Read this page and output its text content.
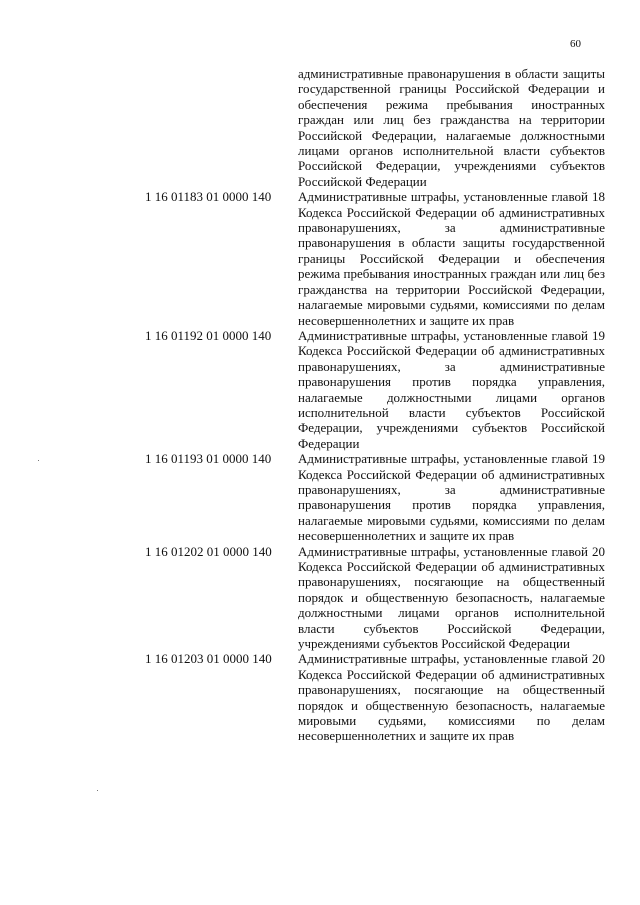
60
административные правонарушения в области защиты государственной границы Российской Федерации и обеспечения режима пребывания иностранных граждан или лиц без гражданства на территории Российской Федерации, налагаемые должностными лицами органов исполнительной власти субъектов Российской Федерации, учреждениями субъектов Российской Федерации
1 16 01183 01 0000 140	Административные штрафы, установленные главой 18 Кодекса Российской Федерации об административных правонарушениях, за административные правонарушения в области защиты государственной границы Российской Федерации и обеспечения режима пребывания иностранных граждан или лиц без гражданства на территории Российской Федерации, налагаемые мировыми судьями, комиссиями по делам несовершеннолетних и защите их прав
1 16 01192 01 0000 140	Административные штрафы, установленные главой 19 Кодекса Российской Федерации об административных правонарушениях, за административные правонарушения против порядка управления, налагаемые должностными лицами органов исполнительной власти субъектов Российской Федерации, учреждениями субъектов Российской Федерации
1 16 01193 01 0000 140	Административные штрафы, установленные главой 19 Кодекса Российской Федерации об административных правонарушениях, за административные правонарушения против порядка управления, налагаемые мировыми судьями, комиссиями по делам несовершеннолетних и защите их прав
1 16 01202 01 0000 140	Административные штрафы, установленные главой 20 Кодекса Российской Федерации об административных правонарушениях, посягающие на общественный порядок и общественную безопасность, налагаемые должностными лицами органов исполнительной власти субъектов Российской Федерации, учреждениями субъектов Российской Федерации
1 16 01203 01 0000 140	Административные штрафы, установленные главой 20 Кодекса Российской Федерации об административных правонарушениях, посягающие на общественный порядок и общественную безопасность, налагаемые мировыми судьями, комиссиями по делам несовершеннолетних и защите их прав
